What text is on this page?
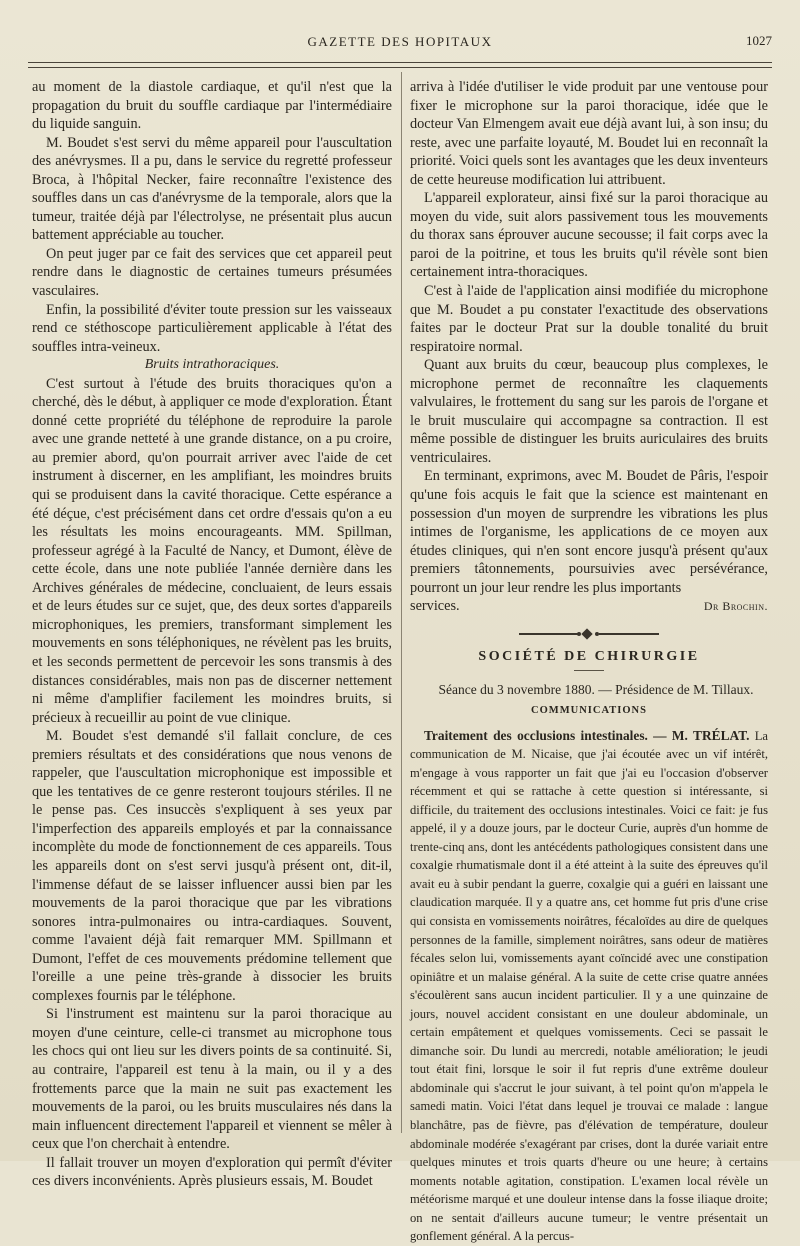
GAZETTE DES HOPITAUX	1027

au moment de la diastole cardiaque, et qu'il n'est que la propagation du bruit du souffle cardiaque par l'intermédiaire du liquide sanguin.

M. Boudet s'est servi du même appareil pour l'auscultation des anévrysmes. Il a pu, dans le service du regretté professeur Broca, à l'hôpital Necker, faire reconnaître l'existence des souffles dans un cas d'anévrysme de la temporale, alors que la tumeur, traitée déjà par l'électrolyse, ne présentait plus aucun battement appréciable au toucher.

On peut juger par ce fait des services que cet appareil peut rendre dans le diagnostic de certaines tumeurs présumées vasculaires.

Enfin, la possibilité d'éviter toute pression sur les vaisseaux rend ce stéthoscope particulièrement applicable à l'état des souffles intra-veineux.

Bruits intrathoraciques.

C'est surtout à l'étude des bruits thoraciques qu'on a cherché, dès le début, à appliquer ce mode d'exploration. Étant donné cette propriété du téléphone de reproduire la parole avec une grande netteté à une grande distance, on a pu croire, au premier abord, qu'on pourrait arriver avec l'aide de cet instrument à discerner, en les amplifiant, les moindres bruits qui se produisent dans la cavité thoracique. Cette espérance a été déçue, c'est précisément dans cet ordre d'essais qu'on a eu les résultats les moins encourageants. MM. Spillman, professeur agrégé à la Faculté de Nancy, et Dumont, élève de cette école, dans une note publiée l'année dernière dans les Archives générales de médecine, concluaient, de leurs essais et de leurs études sur ce sujet, que, des deux sortes d'appareils microphoniques, les premiers, transformant simplement les mouvements en sons téléphoniques, ne révèlent pas les bruits, et les seconds permettent de percevoir les sons transmis à des distances considérables, mais non pas de discerner nettement ni même d'amplifier facilement les moindres bruits, si précieux à recueillir au point de vue clinique.

M. Boudet s'est demandé s'il fallait conclure, de ces premiers résultats et des considérations que nous venons de rappeler, que l'auscultation microphonique est impossible et que les tentatives de ce genre resteront toujours stériles. Il ne le pense pas. Ces insuccès s'expliquent à ses yeux par l'imperfection des appareils employés et par la connaissance incomplète du mode de fonctionnement de ces appareils. Tous les appareils dont on s'est servi jusqu'à présent ont, dit-il, l'immense défaut de se laisser influencer aussi bien par les mouvements de la paroi thoracique que par les vibrations sonores intra-pulmonaires ou intra-cardiaques. Souvent, comme l'avaient déjà fait remarquer MM. Spillmann et Dumont, l'effet de ces mouvements prédomine tellement que l'oreille a une peine très-grande à dissocier les bruits complexes fournis par le téléphone.

Si l'instrument est maintenu sur la paroi thoracique au moyen d'une ceinture, celle-ci transmet au microphone tous les chocs qui ont lieu sur les divers points de sa continuité. Si, au contraire, l'appareil est tenu à la main, ou il y a des frottements parce que la main ne suit pas exactement les mouvements de la paroi, ou les bruits musculaires nés dans la main influencent directement l'appareil et viennent se mêler à ceux que l'on cherchait à entendre.

Il fallait trouver un moyen d'exploration qui permît d'éviter ces divers inconvénients. Après plusieurs essais, M. Boudet

arriva à l'idée d'utiliser le vide produit par une ventouse pour fixer le microphone sur la paroi thoracique, idée que le docteur Van Elmengem avait eue déjà avant lui, à son insu; du reste, avec une parfaite loyauté, M. Boudet lui en reconnaît la priorité. Voici quels sont les avantages que les deux inventeurs de cette heureuse modification lui attribuent.

L'appareil explorateur, ainsi fixé sur la paroi thoracique au moyen du vide, suit alors passivement tous les mouvements du thorax sans éprouver aucune secousse; il fait corps avec la paroi de la poitrine, et tous les bruits qu'il révèle sont bien certainement intra-thoraciques.

C'est à l'aide de l'application ainsi modifiée du microphone que M. Boudet a pu constater l'exactitude des observations faites par le docteur Prat sur la double tonalité du bruit respiratoire normal.

Quant aux bruits du cœur, beaucoup plus complexes, le microphone permet de reconnaître les claquements valvulaires, le frottement du sang sur les parois de l'organe et le bruit musculaire qui accompagne sa contraction. Il est même possible de distinguer les bruits auriculaires des bruits ventriculaires.

En terminant, exprimons, avec M. Boudet de Pâris, l'espoir qu'une fois acquis le fait que la science est maintenant en possession d'un moyen de surprendre les vibrations les plus intimes de l'organisme, les applications de ce moyen aux études cliniques, qui n'en sont encore jusqu'à présent qu'aux premiers tâtonnements, poursuivies avec persévérance, pourront un jour leur rendre les plus importants

services.	Dr Brochin.
SOCIÉTÉ DE CHIRURGIE

Séance du 3 novembre 1880. — Présidence de M. Tillaux.

COMMUNICATIONS

Traitement des occlusions intestinales. — M. TRÉLAT. La communication de M. Nicaise, que j'ai écoutée avec un vif intérêt, m'engage à vous rapporter un fait que j'ai eu l'occasion d'observer récemment et qui se rattache à cette question si intéressante, si difficile, du traitement des occlusions intestinales. Voici ce fait: je fus appelé, il y a douze jours, par le docteur Curie, auprès d'un homme de trente-cinq ans, dont les antécédents pathologiques consistent dans une coxalgie rhumatismale dont il a été atteint à la suite des épreuves qu'il avait eu à subir pendant la guerre, coxalgie qui a guéri en laissant une claudication marquée. Il y a quatre ans, cet homme fut pris d'une crise qui consista en vomissements noirâtres, fécaloïdes au dire de quelques personnes de la famille, simplement noirâtres, sans odeur de matières fécales selon lui, vomissements ayant coïncidé avec une constipation opiniâtre et un malaise général. A la suite de cette crise quatre années s'écoulèrent sans aucun incident particulier. Il y a une quinzaine de jours, nouvel accident consistant en une douleur abdominale, un certain empâtement et quelques vomissements. Ceci se passait le dimanche soir. Du lundi au mercredi, notable amélioration; le jeudi tout était fini, lorsque le soir il fut repris d'une extrême douleur abdominale qui s'accrut le jour suivant, à tel point qu'on m'appela le samedi matin. Voici l'état dans lequel je trouvai ce malade : langue blanchâtre, pas de fièvre, pas d'élévation de température, douleur abdominale modérée s'exagérant par crises, dont la durée variait entre quelques minutes et trois quarts d'heure ou une heure; à certains moments notable agitation, constipation. L'examen local révèle un météorisme marqué et une douleur intense dans la fosse iliaque droite; on ne sentait d'ailleurs aucune tumeur; le ventre présentait un gonflement général. A la percus-
